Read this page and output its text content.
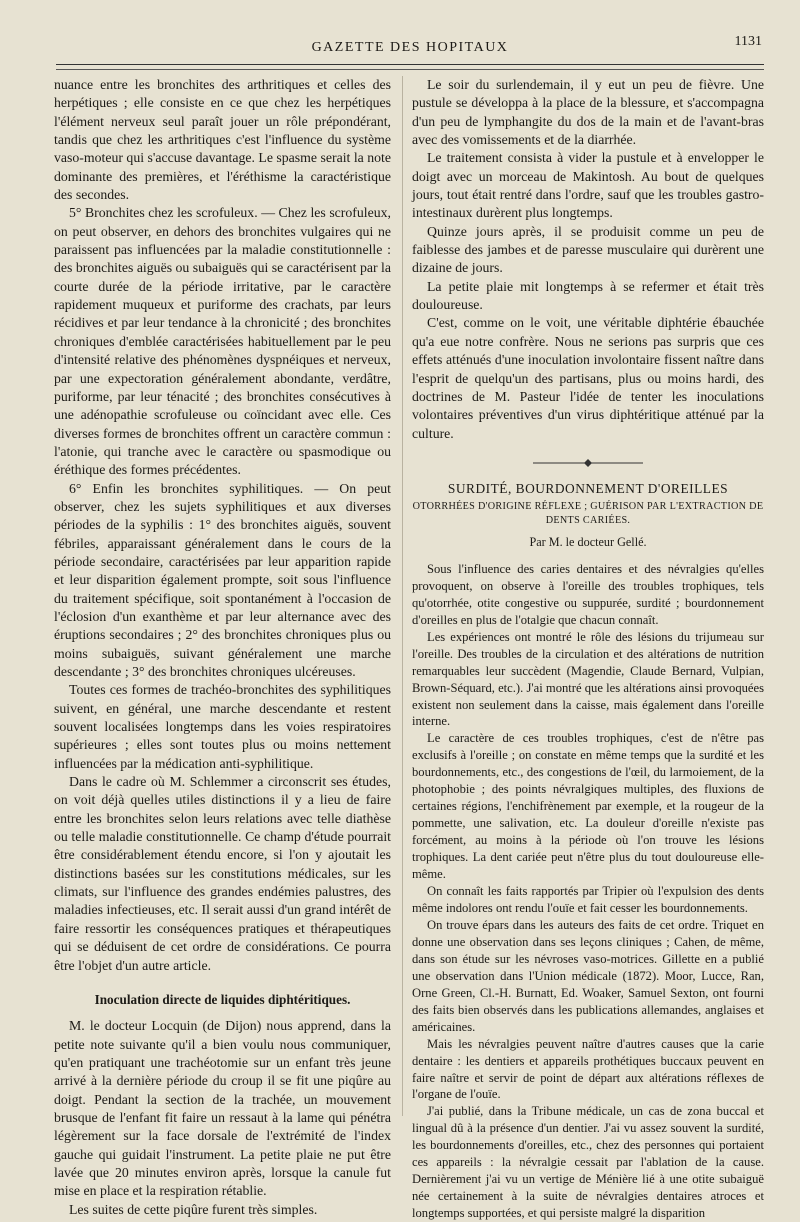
GAZETTE DES HOPITAUX	1131

nuance entre les bronchites des arthritiques et celles des herpétiques ; elle consiste en ce que chez les herpétiques l'élément nerveux seul paraît jouer un rôle prépondérant, tandis que chez les arthritiques c'est l'influence du système vaso-moteur qui s'accuse davantage. Le spasme serait la note dominante des premières, et l'éréthisme la caractéristique des secondes.

5° Bronchites chez les scrofuleux. — Chez les scrofuleux, on peut observer, en dehors des bronchites vulgaires qui ne paraissent pas influencées par la maladie constitutionnelle : des bronchites aiguës ou subaiguës qui se caractérisent par la courte durée de la période irritative, par le caractère rapidement muqueux et puriforme des crachats, par leurs récidives et par leur tendance à la chronicité ; des bronchites chroniques d'emblée caractérisées habituellement par le peu d'intensité relative des phénomènes dyspnéiques et nerveux, par une expectoration généralement abondante, verdâtre, puriforme, par leur ténacité ; des bronchites consécutives à une adénopathie scrofuleuse ou coïncidant avec elle. Ces diverses formes de bronchites offrent un caractère commun : l'atonie, qui tranche avec le caractère ou spasmodique ou éréthique des formes précédentes.

6° Enfin les bronchites syphilitiques. — On peut observer, chez les sujets syphilitiques et aux diverses périodes de la syphilis : 1° des bronchites aiguës, souvent fébriles, apparaissant généralement dans le cours de la période secondaire, caractérisées par leur apparition rapide et leur disparition également prompte, soit sous l'influence du traitement spécifique, soit spontanément à l'occasion de l'éclosion d'un exanthème et par leur alternance avec des éruptions secondaires ; 2° des bronchites chroniques plus ou moins subaiguës, suivant généralement une marche descendante ; 3° des bronchites chroniques ulcéreuses.

Toutes ces formes de trachéo-bronchites des syphilitiques suivent, en général, une marche descendante et restent souvent localisées longtemps dans les voies respiratoires supérieures ; elles sont toutes plus ou moins nettement influencées par la médication anti-syphilitique.

Dans le cadre où M. Schlemmer a circonscrit ses études, on voit déjà quelles utiles distinctions il y a lieu de faire entre les bronchites selon leurs relations avec telle diathèse ou telle maladie constitutionnelle. Ce champ d'étude pourrait être considérablement étendu encore, si l'on y ajoutait les distinctions basées sur les constitutions médicales, sur les climats, sur l'influence des grandes endémies palustres, des maladies infectieuses, etc. Il serait aussi d'un grand intérêt de faire ressortir les conséquences pratiques et thérapeutiques qui se déduisent de cet ordre de considérations. Ce pourra être l'objet d'un autre article.

Inoculation directe de liquides diphtéritiques.

M. le docteur Locquin (de Dijon) nous apprend, dans la petite note suivante qu'il a bien voulu nous communiquer, qu'en pratiquant une trachéotomie sur un enfant très jeune arrivé à la dernière période du croup il se fit une piqûre au doigt. Pendant la section de la trachée, un mouvement brusque de l'enfant fit faire un ressaut à la lame qui pénétra légèrement sur la face dorsale de l'extrémité de l'index gauche qui guidait l'instrument. La petite plaie ne put être lavée que 20 minutes environ après, lorsque la canule fut mise en place et la respiration rétablie.

Les suites de cette piqûre furent très simples.

Le soir du surlendemain, il y eut un peu de fièvre. Une pustule se développa à la place de la blessure, et s'accompagna d'un peu de lymphangite du dos de la main et de l'avant-bras avec des vomissements et de la diarrhée.

Le traitement consista à vider la pustule et à envelopper le doigt avec un morceau de Makintosh. Au bout de quelques jours, tout était rentré dans l'ordre, sauf que les troubles gastro-intestinaux durèrent plus longtemps.

Quinze jours après, il se produisit comme un peu de faiblesse des jambes et de paresse musculaire qui durèrent une dizaine de jours.

La petite plaie mit longtemps à se refermer et était très douloureuse.

C'est, comme on le voit, une véritable diphtérie ébauchée qu'a eue notre confrère. Nous ne serions pas surpris que ces effets atténués d'une inoculation involontaire fissent naître dans l'esprit de quelqu'un des partisans, plus ou moins hardi, des doctrines de M. Pasteur l'idée de tenter les inoculations volontaires préventives d'un virus diphtéritique atténué par la culture.

SURDITÉ, BOURDONNEMENT D'OREILLES
OTORRHÉES D'ORIGINE RÉFLEXE ; GUÉRISON PAR L'EXTRACTION DE DENTS CARIÉES.
Par M. le docteur Gellé.

Sous l'influence des caries dentaires et des névralgies qu'elles provoquent, on observe à l'oreille des troubles trophiques, tels qu'otorrhée, otite congestive ou suppurée, surdité ; bourdonnement d'oreilles en plus de l'otalgie que chacun connaît.

Les expériences ont montré le rôle des lésions du trijumeau sur l'oreille. Des troubles de la circulation et des altérations de nutrition remarquables leur succèdent (Magendie, Claude Bernard, Vulpian, Brown-Séquard, etc.). J'ai montré que les altérations ainsi provoquées existent non seulement dans la caisse, mais également dans l'oreille interne.

Le caractère de ces troubles trophiques, c'est de n'être pas exclusifs à l'oreille ; on constate en même temps que la surdité et les bourdonnements, etc., des congestions de l'œil, du larmoiement, de la photophobie ; des points névralgiques multiples, des fluxions de certaines régions, l'enchifrènement par exemple, et la rougeur de la pommette, une salivation, etc. La douleur d'oreille n'existe pas forcément, au moins à la période où l'on trouve les lésions trophiques. La dent cariée peut n'être plus du tout douloureuse elle-même.

On connaît les faits rapportés par Tripier où l'expulsion des dents même indolores ont rendu l'ouïe et fait cesser les bourdonnements.

On trouve épars dans les auteurs des faits de cet ordre. Triquet en donne une observation dans ses leçons cliniques ; Cahen, de même, dans son étude sur les névroses vaso-motrices. Gillette en a publié une observation dans l'Union médicale (1872). Moor, Lucce, Ran, Orne Green, Cl.-H. Burnatt, Ed. Woaker, Samuel Sexton, ont fourni des faits bien observés dans les publications allemandes, anglaises et américaines.

Mais les névralgies peuvent naître d'autres causes que la carie dentaire : les dentiers et appareils prothétiques buccaux peuvent en faire naître et servir de point de départ aux altérations réflexes de l'organe de l'ouïe.

J'ai publié, dans la Tribune médicale, un cas de zona buccal et lingual dû à la présence d'un dentier. J'ai vu assez souvent la surdité, les bourdonnements d'oreilles, etc., chez des personnes qui portaient ces appareils : la névralgie cessait par l'ablation de la cause. Dernièrement j'ai vu un vertige de Ménière lié à une otite subaiguë née certainement à la suite de névralgies dentaires atroces et longtemps supportées, et qui persiste malgré la disparition
